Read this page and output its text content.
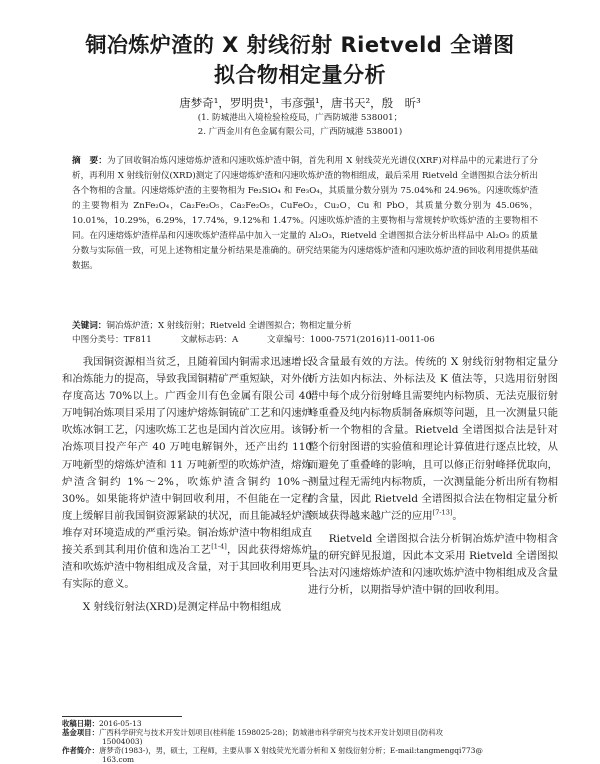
铜冶炼炉渣的 X 射线衍射 Rietveld 全谱图
拟合物相定量分析
唐梦奇¹，罗明贵¹，韦彦强¹，唐书天²，殷　昕³
(1. 防城港出入境检验检疫局，广西防城港 538001；
2. 广西金川有色金属有限公司，广西防城港 538001)
摘　要：为了回收铜冶炼闪速熔炼炉渣和闪速吹炼炉渣中铜，首先利用 X 射线荧光光谱仪(XRF)对样品中的元素进行了分析，再利用 X 射线衍射仪(XRD)测定了闪速熔炼炉渣和闪速吹炼炉渣的物相组成，最后采用 Rietveld 全谱图拟合法分析出各个物相的含量。闪速熔炼炉渣的主要物相为 Fe₂SiO₄ 和 Fe₃O₄，其质量分数分别为 75.04%和 24.96%。闪速吹炼炉渣的主要物相为 ZnFe₂O₄，Ca₂Fe₂O₅，Ca₂Fe₂O₅，CuFeO₂，Cu₂O，Cu 和 PbO，其质量分数分别为 45.06%，10.01%，10.29%，6.29%，17.74%，9.12%和 1.47%。闪速吹炼炉渣的主要物相与常规转炉吹炼炉渣的主要物相不同。在闪速熔炼炉渣样品和闪速吹炼炉渣样品中加入一定量的 Al₂O₃，Rietveld 全谱图拟合法分析出样品中 Al₂O₃ 的质量分数与实际值一致，可见上述物相定量分析结果是准确的。研究结果能为闪速熔炼炉渣和闪速吹炼炉渣的回收利用提供基础数据。
关键词：铜冶炼炉渣；X 射线衍射；Rietveld 全谱图拟合；物相定量分析
中图分类号：TF811	文献标志码：A	文章编号：1000-7571(2016)11-0011-06

我国铜资源相当贫乏，且随着国内铜需求迅速增长和冶炼能力的提高，导致我国铜精矿严重短缺，对外依存度高达 70%以上。广西金川有色金属有限公司 40 万吨铜冶炼项目采用了闪速炉熔炼铜锍矿工艺和闪速炉吹炼冰铜工艺，闪速吹炼工艺也是国内首次应用。该铜冶炼项目投产年产 40 万吨电解铜外，还产出约 110 万吨新型的熔炼炉渣和 11 万吨新型的吹炼炉渣，熔炼炉渣含铜约 1%～2%，吹炼炉渣含铜约 10%～30%。如果能将炉渣中铜回收利用，不但能在一定程度上缓解目前我国铜资源紧缺的状况，而且能减轻炉渣堆存对环境造成的严重污染。铜冶炼炉渣中物相组成直接关系到其利用价值和选冶工艺[1-4]，因此获得熔炼炉渣和吹炼炉渣中物相组成及含量，对于其回收利用更具有实际的意义。

X 射线衍射法(XRD)是测定样品中物相组成

及含量最有效的方法。传统的 X 射线衍射物相定量分析方法如内标法、外标法及 K 值法等，只选用衍射图谱中每个成分衍射峰且需要纯内标物质、无法克服衍射峰重叠及纯内标物质制备麻烦等问题，且一次测量只能分析一个物相的含量。Rietveld 全谱图拟合法是针对整个衍射图谱的实验值和理论计算值进行逐点比较，从而避免了重叠峰的影响，且可以修正衍射峰择优取向，测量过程无需纯内标物质，一次测量能分析出所有物相的含量，因此 Rietveld 全谱图拟合法在物相定量分析领域获得越来越广泛的应用[7-13]。

Rietveld 全谱图拟合法分析铜冶炼炉渣中物相含量的研究鲜见报道，因此本文采用 Rietveld 全谱图拟合法对闪速熔炼炉渣和闪速吹炼炉渣中物相组成及含量进行分析，以期指导炉渣中铜的回收利用。

收稿日期：2016-05-13

基金项目：广西科学研究与技术开发计划项目(桂科能 1598025-28)；防城港市科学研究与技术开发计划项目(防科攻

15004003)

作者简介：唐梦奇(1983-)，男，硕士，工程师，主要从事 X 射线荧光光谱分析和 X 射线衍射分析；E-mail:tangmengqi773@

163.com
